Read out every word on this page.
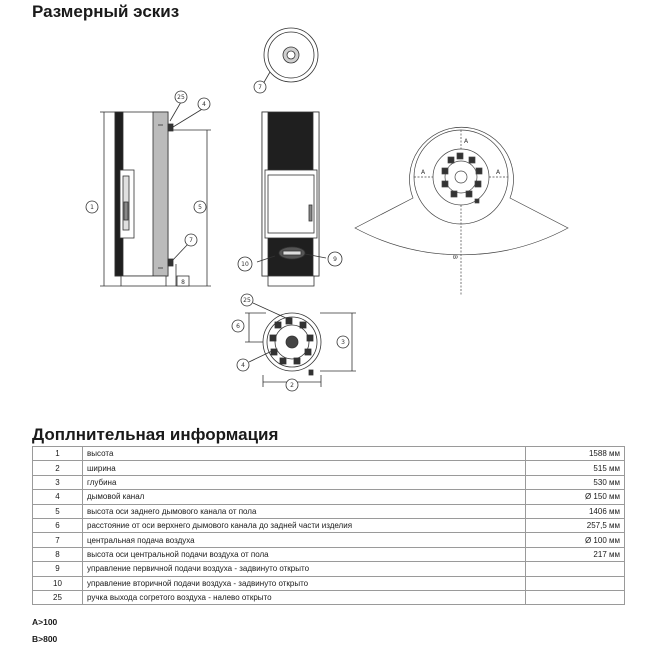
Размерный эскиз
7
1	5
8
25
4
7
10
9
2
3
6
25
4
A
A	A
B
Доплнительная информация
1	высота	1588 мм
2	ширина	515 мм
3	глубина	530 мм
4	дымовой канал	Ø 150 мм
5	высота оси заднего дымового канала от пола	1406 мм
6	расстояние от оси верхнего дымового канала до задней части изделия	257,5 мм
7	центральная подача воздуха	Ø 100 мм
8	высота оси центральной подачи воздуха от пола	217 мм
9	управление первичной подачи воздуха - задвинуто открыто	
10	управление вторичной подачи воздуха - задвинуто открыто	
25	ручка выхода согретого воздуха - налево открыто	
A>100
B>800
